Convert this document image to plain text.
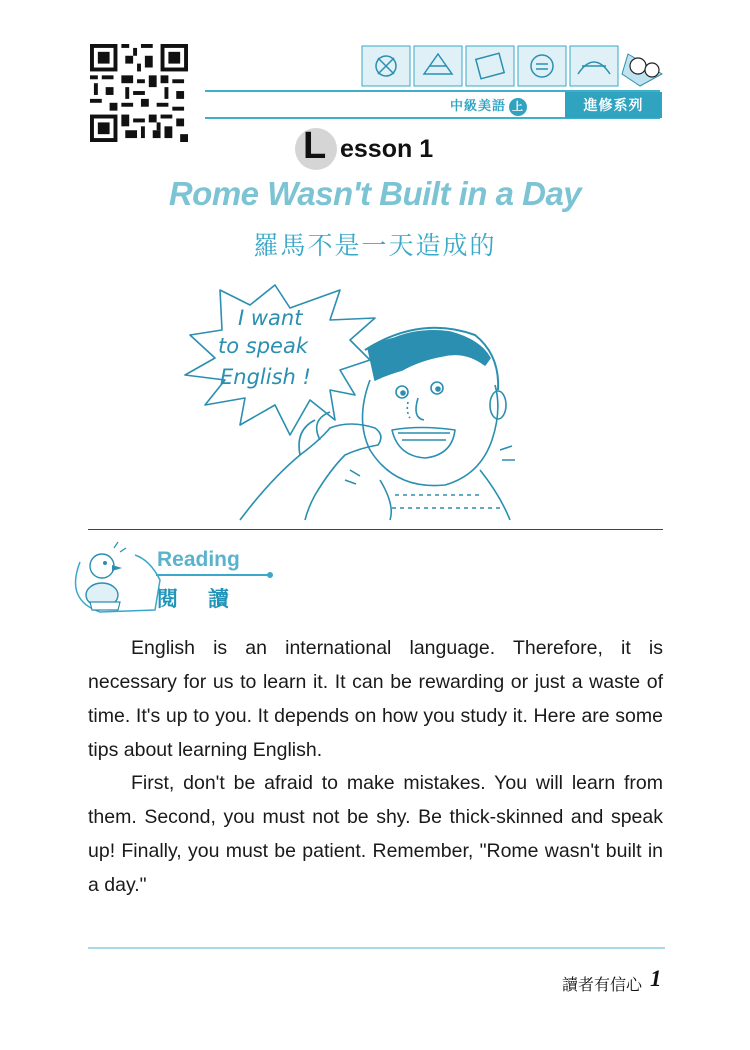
中級美語 上	進修系列
L esson 1
Rome Wasn't Built in a Day
羅馬不是一天造成的
I want
to speak
English !
Reading
閱讀

English is an international language. Therefore, it is necessary for us to learn it. It can be rewarding or just a waste of time. It's up to you. It depends on how you study it. Here are some tips about learning English.

First, don't be afraid to make mistakes. You will learn from them. Second, you must not be shy. Be thick-skinned and speak up! Finally, you must be patient. Remember, "Rome wasn't built in a day."

讀者有信心 1
